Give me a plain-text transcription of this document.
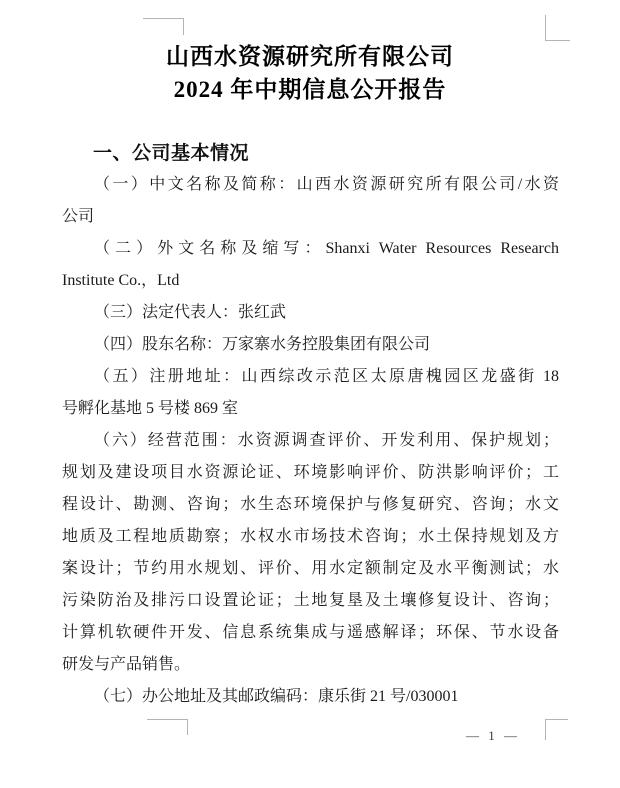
山西水资源研究所有限公司
2024 年中期信息公开报告
一、公司基本情况
（一）中文名称及简称：山西水资源研究所有限公司/水资
公司
（二）外文名称及缩写：Shanxi Water Resources Research
Institute Co.，Ltd
（三）法定代表人：张红武
（四）股东名称：万家寨水务控股集团有限公司
（五）注册地址：山西综改示范区太原唐槐园区龙盛街 18
号孵化基地 5 号楼 869 室
（六）经营范围：水资源调查评价、开发利用、保护规划；
规划及建设项目水资源论证、环境影响评价、防洪影响评价；工
程设计、勘测、咨询；水生态环境保护与修复研究、咨询；水文
地质及工程地质勘察；水权水市场技术咨询；水土保持规划及方
案设计；节约用水规划、评价、用水定额制定及水平衡测试；水
污染防治及排污口设置论证；土地复垦及土壤修复设计、咨询；
计算机软硬件开发、信息系统集成与遥感解译；环保、节水设备
研发与产品销售。
（七）办公地址及其邮政编码：康乐街 21 号/030001
— 1 —
